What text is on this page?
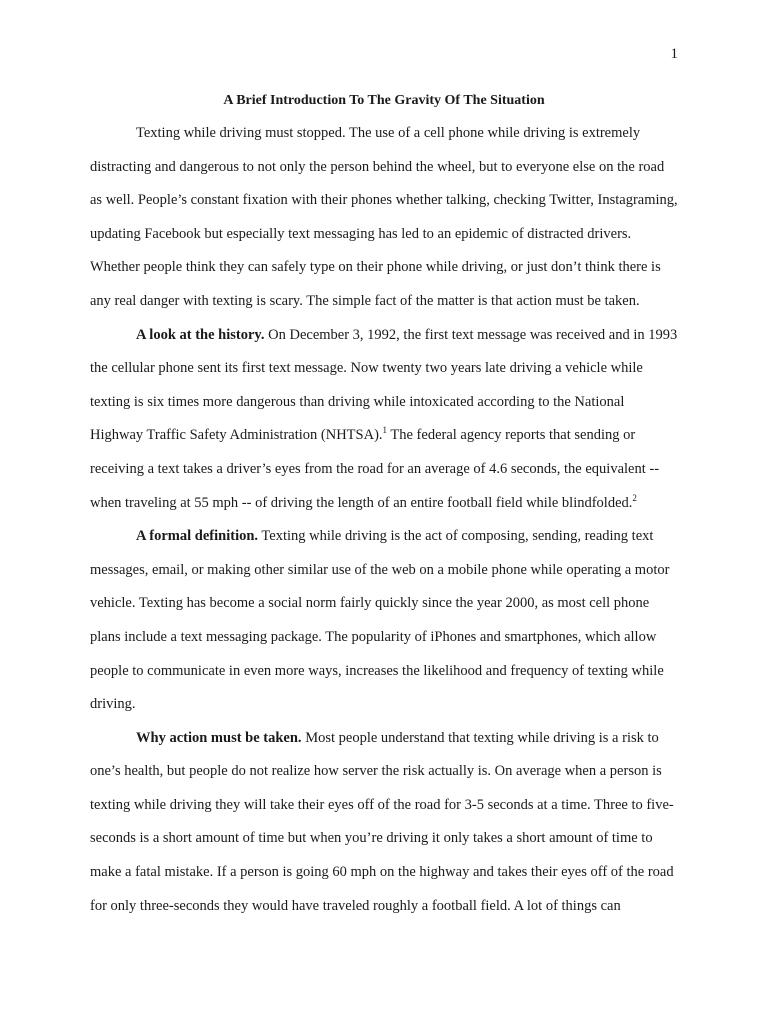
1
A Brief Introduction To The Gravity Of The Situation

Texting while driving must stopped. The use of a cell phone while driving is extremely distracting and dangerous to not only the person behind the wheel, but to everyone else on the road as well. People’s constant fixation with their phones whether talking, checking Twitter, Instagraming, updating Facebook but especially text messaging has led to an epidemic of distracted drivers. Whether people think they can safely type on their phone while driving, or just don’t think there is any real danger with texting is scary. The simple fact of the matter is that action must be taken.

A look at the history. On December 3, 1992, the first text message was received and in 1993 the cellular phone sent its first text message. Now twenty two years late driving a vehicle while texting is six times more dangerous than driving while intoxicated according to the National Highway Traffic Safety Administration (NHTSA).$^1$ The federal agency reports that sending or receiving a text takes a driver’s eyes from the road for an average of 4.6 seconds, the equivalent -- when traveling at 55 mph -- of driving the length of an entire football field while blindfolded.$^2$

A formal definition. Texting while driving is the act of composing, sending, reading text messages, email, or making other similar use of the web on a mobile phone while operating a motor vehicle. Texting has become a social norm fairly quickly since the year 2000, as most cell phone plans include a text messaging package. The popularity of iPhones and smartphones, which allow people to communicate in even more ways, increases the likelihood and frequency of texting while driving.

Why action must be taken. Most people understand that texting while driving is a risk to one’s health, but people do not realize how server the risk actually is. On average when a person is texting while driving they will take their eyes off of the road for 3-5 seconds at a time. Three to five-seconds is a short amount of time but when you’re driving it only takes a short amount of time to make a fatal mistake. If a person is going 60 mph on the highway and takes their eyes off of the road for only three-seconds they would have traveled roughly a football field. A lot of things can
